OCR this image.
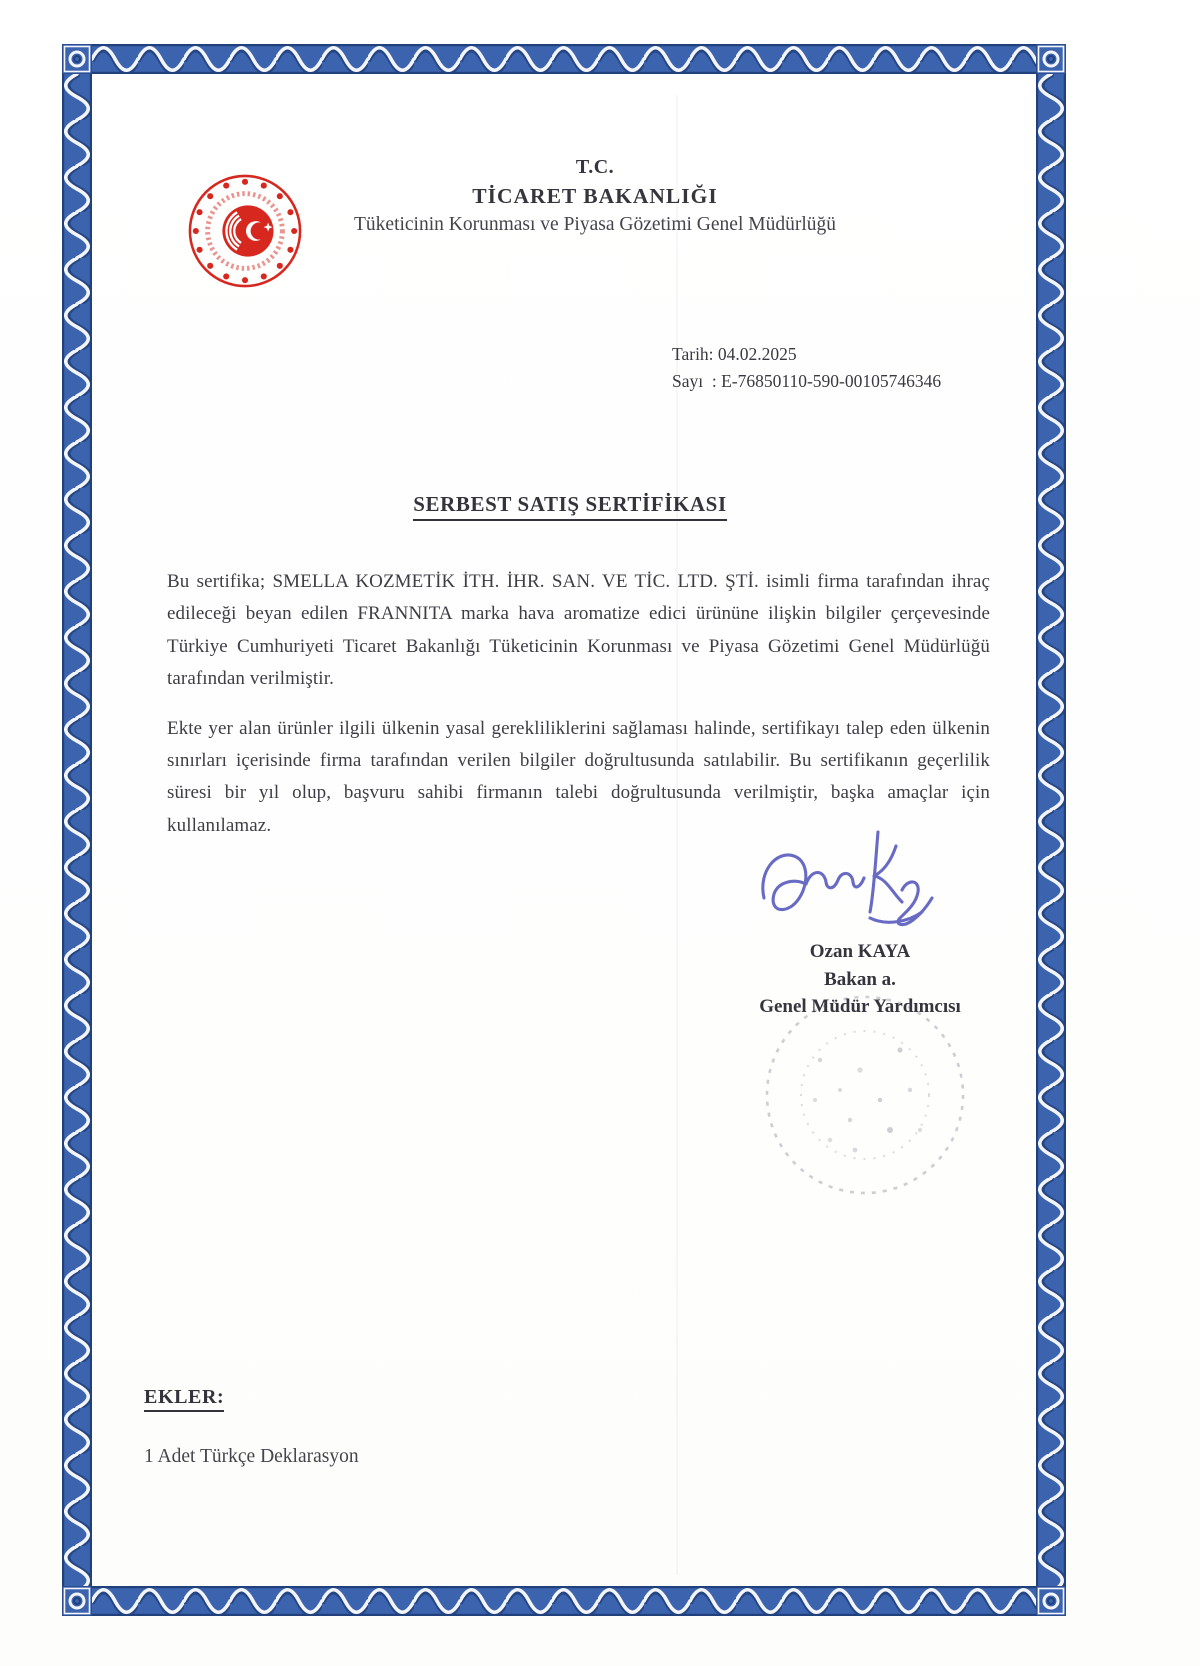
T.C.
TİCARET BAKANLIĞI
Tüketicinin Korunması ve Piyasa Gözetimi Genel Müdürlüğü
Tarih: 04.02.2025
Sayı  : E-76850110-590-00105746346
SERBEST SATIŞ SERTİFİKASI

Bu sertifika; SMELLA KOZMETİK İTH. İHR. SAN. VE TİC. LTD. ŞTİ. isimli firma tarafından ihraç edileceği beyan edilen FRANNITA marka hava aromatize edici ürününe ilişkin bilgiler çerçevesinde Türkiye Cumhuriyeti Ticaret Bakanlığı Tüketicinin Korunması ve Piyasa Gözetimi Genel Müdürlüğü tarafından verilmiştir.

Ekte yer alan ürünler ilgili ülkenin yasal gerekliliklerini sağlaması halinde, sertifikayı talep eden ülkenin sınırları içerisinde firma tarafından verilen bilgiler doğrultusunda satılabilir. Bu sertifikanın geçerlilik süresi bir yıl olup, başvuru sahibi firmanın talebi doğrultusunda verilmiştir, başka amaçlar için kullanılamaz.

Ozan KAYA
Bakan a.
Genel Müdür Yardımcısı
EKLER:
1 Adet Türkçe Deklarasyon
